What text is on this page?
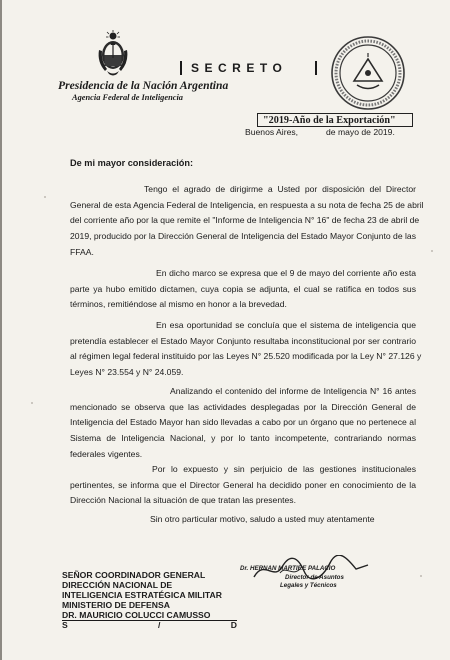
Presidencia de la Nación Argentina
Agencia Federal de Inteligencia
SECRETO
"2019-Año de la Exportación"
Buenos Aires,	de mayo de 2019.
De mi mayor consideración:
Tengo el agrado de dirigirme a Usted por disposición del Director
General de esta Agencia Federal de Inteligencia, en respuesta a su nota de fecha 25 de abril
del corriente año por la que remite el "Informe de Inteligencia N° 16" de fecha 23 de abril de
2019, producido por la Dirección General de Inteligencia del Estado Mayor Conjunto de las
FFAA.
En dicho marco se expresa que el 9 de mayo del corriente año esta
parte ya hubo emitido dictamen, cuya copia se adjunta, el cual se ratifica en todos sus
términos, remitiéndose al mismo en honor a la brevedad.
En esa oportunidad se concluía que el sistema de inteligencia que
pretendía establecer el Estado Mayor Conjunto resultaba inconstitucional por ser contrario
al régimen legal federal instituido por las Leyes N° 25.520 modificada por la Ley N° 27.126 y
Leyes N° 23.554 y N° 24.059.
Analizando el contenido del informe de Inteligencia N° 16 antes
mencionado se observa que las actividades desplegadas por la Dirección General de
Inteligencia del Estado Mayor han sido llevadas a cabo por un órgano que no pertenece al
Sistema de Inteligencia Nacional, y por lo tanto incompetente, contrariando normas
federales vigentes.
Por lo expuesto y sin perjuicio de las gestiones institucionales
pertinentes, se informa que el Director General ha decidido poner en conocimiento de la
Dirección Nacional la situación de que tratan las presentes.
Sin otro particular motivo, saludo a usted muy atentamente
Dr. HERNAN MARTIRE PALACIO
Director de Asuntos
Legales y Técnicos
SEÑOR COORDINADOR GENERAL
DIRECCIÓN NACIONAL DE
INTELIGENCIA ESTRATÉGICA MILITAR
MINISTERIO DE DEFENSA
DR. MAURICIO COLUCCI CAMUSSO
S	/	D
